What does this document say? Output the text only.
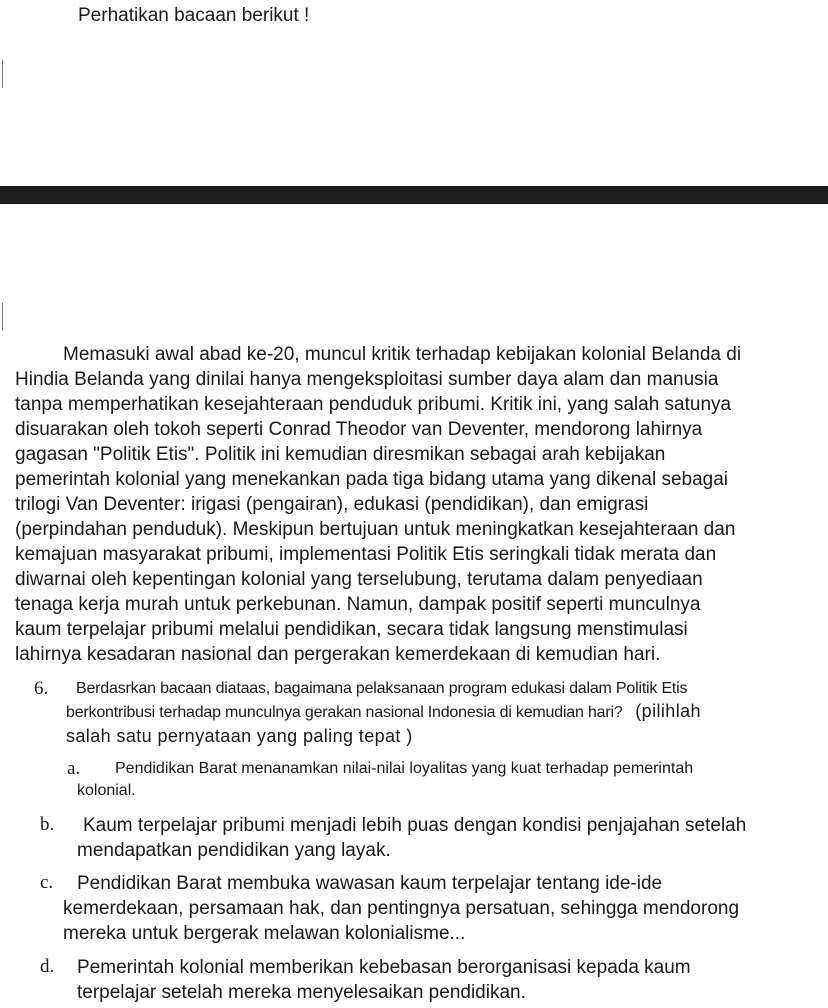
Perhatikan bacaan berikut !
Memasuki awal abad ke-20, muncul kritik terhadap kebijakan kolonial Belanda di
Hindia Belanda yang dinilai hanya mengeksploitasi sumber daya alam dan manusia
tanpa memperhatikan kesejahteraan penduduk pribumi. Kritik ini, yang salah satunya
disuarakan oleh tokoh seperti Conrad Theodor van Deventer, mendorong lahirnya
gagasan "Politik Etis". Politik ini kemudian diresmikan sebagai arah kebijakan
pemerintah kolonial yang menekankan pada tiga bidang utama yang dikenal sebagai
trilogi Van Deventer: irigasi (pengairan), edukasi (pendidikan), dan emigrasi
(perpindahan penduduk). Meskipun bertujuan untuk meningkatkan kesejahteraan dan
kemajuan masyarakat pribumi, implementasi Politik Etis seringkali tidak merata dan
diwarnai oleh kepentingan kolonial yang terselubung, terutama dalam penyediaan
tenaga kerja murah untuk perkebunan. Namun, dampak positif seperti munculnya
kaum terpelajar pribumi melalui pendidikan, secara tidak langsung menstimulasi
lahirnya kesadaran nasional dan pergerakan kemerdekaan di kemudian hari.
6. Berdasrkan bacaan diataas, bagaimana pelaksanaan program edukasi dalam Politik Etis
berkontribusi terhadap munculnya gerakan nasional Indonesia di kemudian hari? (pilihlah
salah satu pernyataan yang paling tepat )
a. Pendidikan Barat menanamkan nilai-nilai loyalitas yang kuat terhadap pemerintah
kolonial.
b. Kaum terpelajar pribumi menjadi lebih puas dengan kondisi penjajahan setelah
mendapatkan pendidikan yang layak.
c. Pendidikan Barat membuka wawasan kaum terpelajar tentang ide-ide
kemerdekaan, persamaan hak, dan pentingnya persatuan, sehingga mendorong
mereka untuk bergerak melawan kolonialisme...
d. Pemerintah kolonial memberikan kebebasan berorganisasi kepada kaum
terpelajar setelah mereka menyelesaikan pendidikan.
